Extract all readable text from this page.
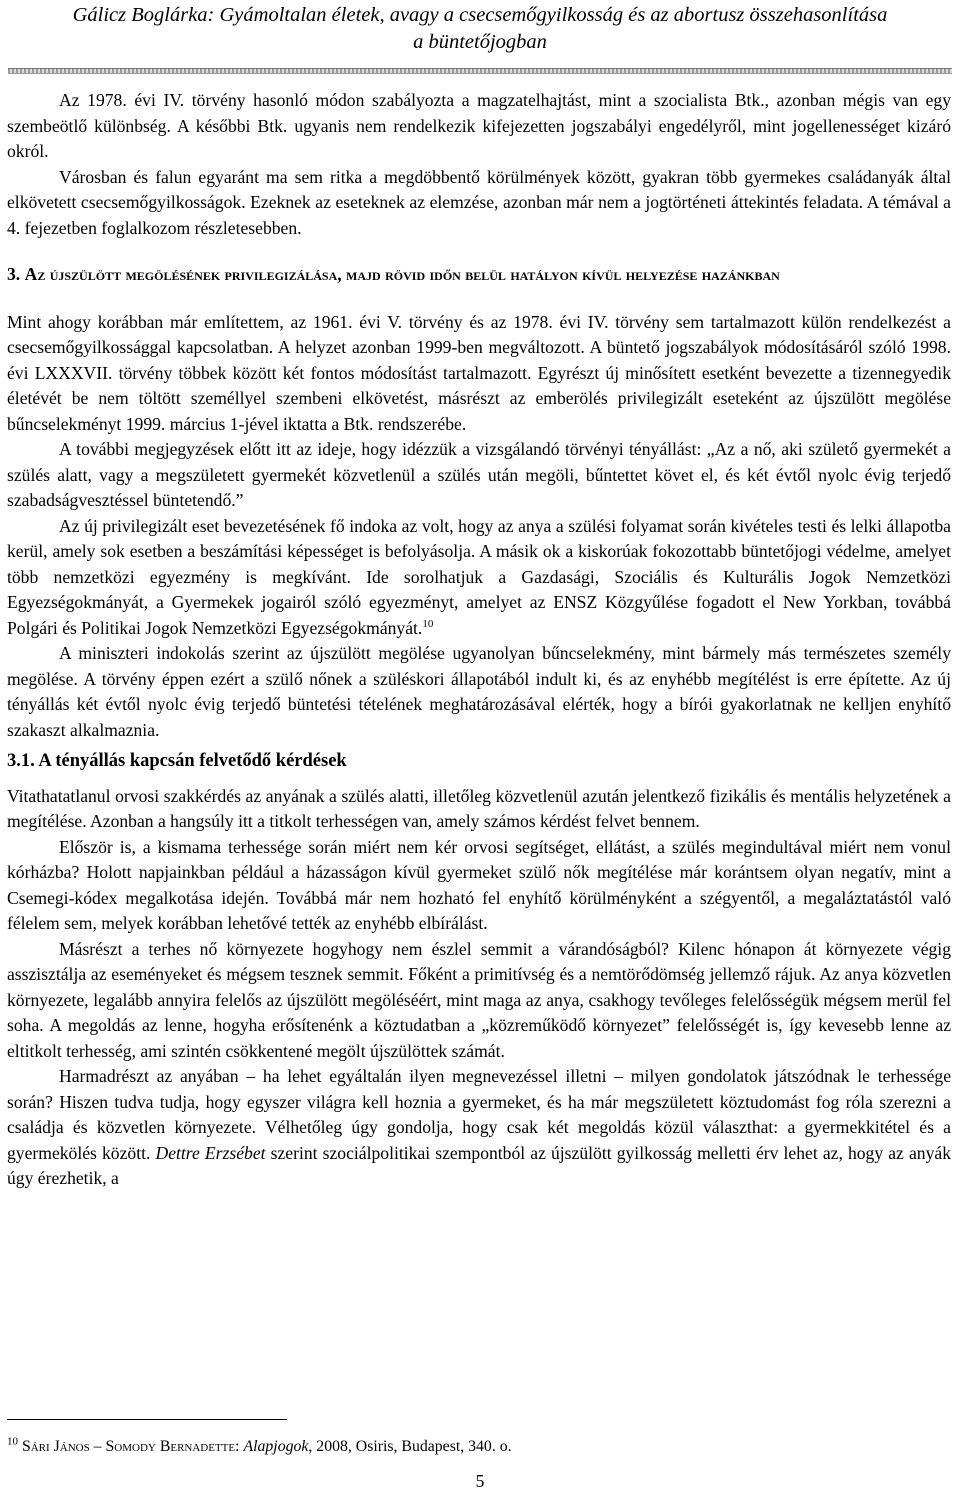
Gálicz Boglárka: Gyámoltalan életek, avagy a csecsemőgyilkosság és az abortusz összehasonlítása
a büntetőjogban

Az 1978. évi IV. törvény hasonló módon szabályozta a magzatelhajtást, mint a szocialista Btk., azonban mégis van egy szembeötlő különbség. A későbbi Btk. ugyanis nem rendelkezik kifejezetten jogszabályi engedélyről, mint jogellenességet kizáró okról.

Városban és falun egyaránt ma sem ritka a megdöbbentő körülmények között, gyakran több gyermekes családanyák által elkövetett csecsemőgyilkosságok. Ezeknek az eseteknek az elemzése, azonban már nem a jogtörténeti áttekintés feladata. A témával a 4. fejezetben foglalkozom részletesebben.

3. Az újszülött megölésének privilegizálása, majd rövid időn belül hatályon kívül helyezése hazánkban

Mint ahogy korábban már említettem, az 1961. évi V. törvény és az 1978. évi IV. törvény sem tartalmazott külön rendelkezést a csecsemőgyilkossággal kapcsolatban. A helyzet azonban 1999-ben megváltozott. A büntető jogszabályok módosításáról szóló 1998. évi LXXXVII. törvény többek között két fontos módosítást tartalmazott. Egyrészt új minősített esetként bevezette a tizennegyedik életévét be nem töltött személlyel szembeni elkövetést, másrészt az emberölés privilegizált eseteként az újszülött megölése bűncselekményt 1999. március 1-jével iktatta a Btk. rendszerébe.

A további megjegyzések előtt itt az ideje, hogy idézzük a vizsgálandó törvényi tényállást: „Az a nő, aki születő gyermekét a szülés alatt, vagy a megszületett gyermekét közvetlenül a szülés után megöli, bűntettet követ el, és két évtől nyolc évig terjedő szabadságvesztéssel büntetendő.”

Az új privilegizált eset bevezetésének fő indoka az volt, hogy az anya a szülési folyamat során kivételes testi és lelki állapotba kerül, amely sok esetben a beszámítási képességet is befolyásolja. A másik ok a kiskorúak fokozottabb büntetőjogi védelme, amelyet több nemzetközi egyezmény is megkívánt. Ide sorolhatjuk a Gazdasági, Szociális és Kulturális Jogok Nemzetközi Egyezségokmányát, a Gyermekek jogairól szóló egyezményt, amelyet az ENSZ Közgyűlése fogadott el New Yorkban, továbbá Polgári és Politikai Jogok Nemzetközi Egyezségokmányát.$^{10}$

A miniszteri indokolás szerint az újszülött megölése ugyanolyan bűncselekmény, mint bármely más természetes személy megölése. A törvény éppen ezért a szülő nőnek a szüléskori állapotából indult ki, és az enyhébb megítélést is erre építette. Az új tényállás két évtől nyolc évig terjedő büntetési tételének meghatározásával elérték, hogy a bírói gyakorlatnak ne kelljen enyhítő szakaszt alkalmaznia.

3.1. A tényállás kapcsán felvetődő kérdések

Vitathatatlanul orvosi szakkérdés az anyának a szülés alatti, illetőleg közvetlenül azután jelentkező fizikális és mentális helyzetének a megítélése. Azonban a hangsúly itt a titkolt terhességen van, amely számos kérdést felvet bennem.

Először is, a kismama terhessége során miért nem kér orvosi segítséget, ellátást, a szülés megindultával miért nem vonul kórházba? Holott napjainkban például a házasságon kívül gyermeket szülő nők megítélése már korántsem olyan negatív, mint a Csemegi-kódex megalkotása idején. Továbbá már nem hozható fel enyhítő körülményként a szégyentől, a megaláztatástól való félelem sem, melyek korábban lehetővé tették az enyhébb elbírálást.

Másrészt a terhes nő környezete hogyhogy nem észlel semmit a várandóságból? Kilenc hónapon át környezete végig asszisztálja az eseményeket és mégsem tesznek semmit. Főként a primitívség és a nemtörődömség jellemző rájuk. Az anya közvetlen környezete, legalább annyira felelős az újszülött megöléséért, mint maga az anya, csakhogy tevőleges felelősségük mégsem merül fel soha. A megoldás az lenne, hogyha erősítenénk a köztudatban a „közreműködő környezet” felelősségét is, így kevesebb lenne az eltitkolt terhesség, ami szintén csökkentené megölt újszülöttek számát.

Harmadrészt az anyában – ha lehet egyáltalán ilyen megnevezéssel illetni – milyen gondolatok játszódnak le terhessége során? Hiszen tudva tudja, hogy egyszer világra kell hoznia a gyermeket, és ha már megszületett köztudomást fog róla szerezni a családja és közvetlen környezete. Vélhetőleg úgy gondolja, hogy csak két megoldás közül választhat: a gyermekkitétel és a gyermekölés között. Dettre Erzsébet szerint szociálpolitikai szempontból az újszülött gyilkosság melletti érv lehet az, hogy az anyák úgy érezhetik, a

$^{10}$ Sári János – Somody Bernadette: Alapjogok, 2008, Osiris, Budapest, 340. o.
5
